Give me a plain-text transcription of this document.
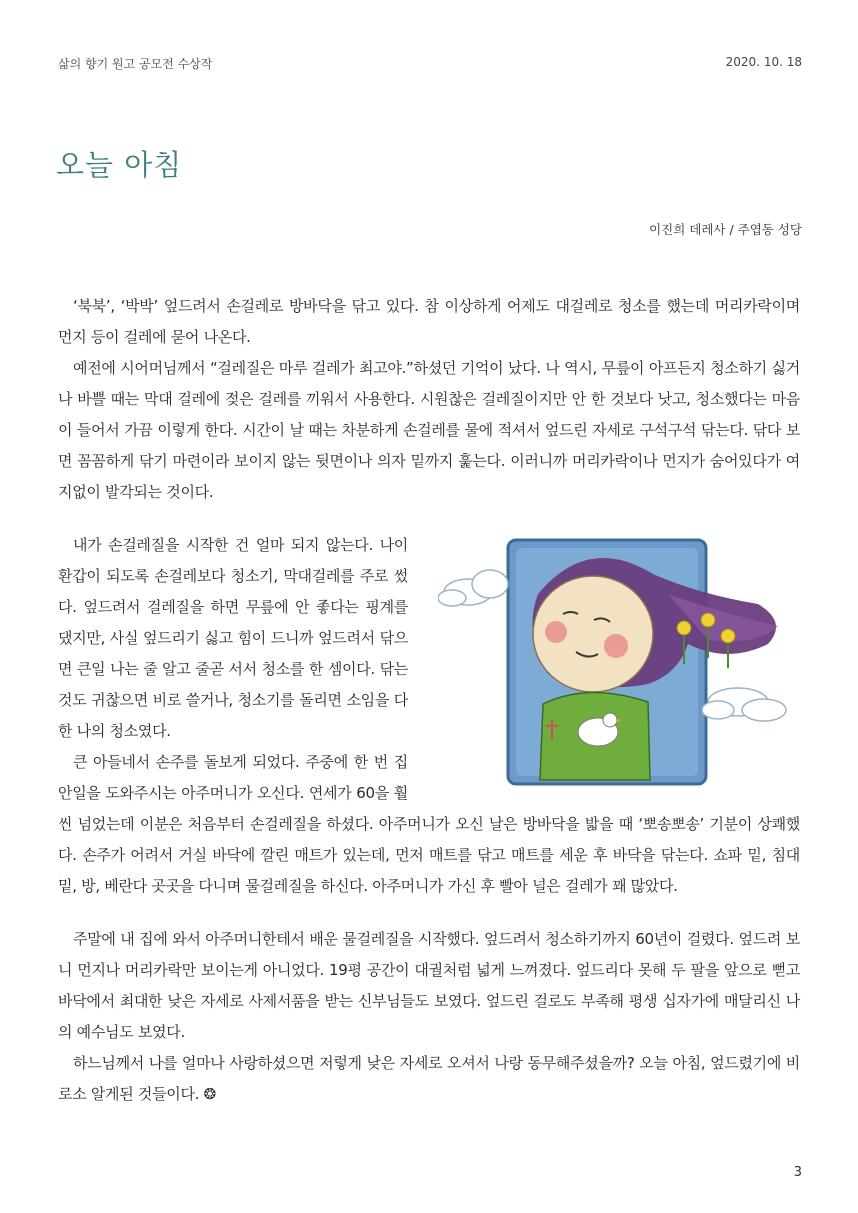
삶의 향기 원고 공모전 수상작	2020. 10. 18
오늘 아침
이진희 데레사 / 주엽동 성당

‘북북’, ‘박박’ 엎드려서 손걸레로 방바닥을 닦고 있다. 참 이상하게 어제도 대걸레로 청소를 했는데 머리카락이며 먼지 등이 걸레에 묻어 나온다.

예전에 시어머님께서 “걸레질은 마루 걸레가 최고야.”하셨던 기억이 났다. 나 역시, 무릎이 아프든지 청소하기 싫거나 바쁠 때는 막대 걸레에 젖은 걸레를 끼워서 사용한다. 시원찮은 걸레질이지만 안 한 것보다 낫고, 청소했다는 마음이 들어서 가끔 이렇게 한다. 시간이 날 때는 차분하게 손걸레를 물에 적셔서 엎드린 자세로 구석구석 닦는다. 닦다 보면 꼼꼼하게 닦기 마련이라 보이지 않는 뒷면이나 의자 밑까지 훑는다. 이러니까 머리카락이나 먼지가 숨어있다가 여지없이 발각되는 것이다.

내가 손걸레질을 시작한 건 얼마 되지 않는다. 나이 환갑이 되도록 손걸레보다 청소기, 막대걸레를 주로 썼다. 엎드려서 걸레질을 하면 무릎에 안 좋다는 핑계를 댔지만, 사실 엎드리기 싫고 힘이 드니까 엎드려서 닦으면 큰일 나는 줄 알고 줄곧 서서 청소를 한 셈이다. 닦는 것도 귀찮으면 비로 쓸거나, 청소기를 돌리면 소임을 다한 나의 청소였다.

큰 아들네서 손주를 돌보게 되었다. 주중에 한 번 집안일을 도와주시는 아주머니가 오신다. 연세가 60을 훨씬 넘었는데 이분은 처음부터 손걸레질을 하셨다. 아주머니가 오신 날은 방바닥을 밟을 때 ‘뽀송뽀송’ 기분이 상쾌했다. 손주가 어려서 거실 바닥에 깔린 매트가 있는데, 먼저 매트를 닦고 매트를 세운 후 바닥을 닦는다. 쇼파 밑, 침대 밑, 방, 베란다 곳곳을 다니며 물걸레질을 하신다. 아주머니가 가신 후 빨아 널은 걸레가 꽤 많았다.

주말에 내 집에 와서 아주머니한테서 배운 물걸레질을 시작했다. 엎드려서 청소하기까지 60년이 걸렸다. 엎드려 보니 먼지나 머리카락만 보이는게 아니었다. 19평 공간이 대궐처럼 넓게 느껴졌다. 엎드리다 못해 두 팔을 앞으로 뻗고 바닥에서 최대한 낮은 자세로 사제서품을 받는 신부님들도 보였다. 엎드린 걸로도 부족해 평생 십자가에 매달리신 나의 예수님도 보였다.

하느님께서 나를 얼마나 사랑하셨으면 저렇게 낮은 자세로 오셔서 나랑 동무해주셨을까? 오늘 아침, 엎드렸기에 비로소 알게된 것들이다. ❂

3
